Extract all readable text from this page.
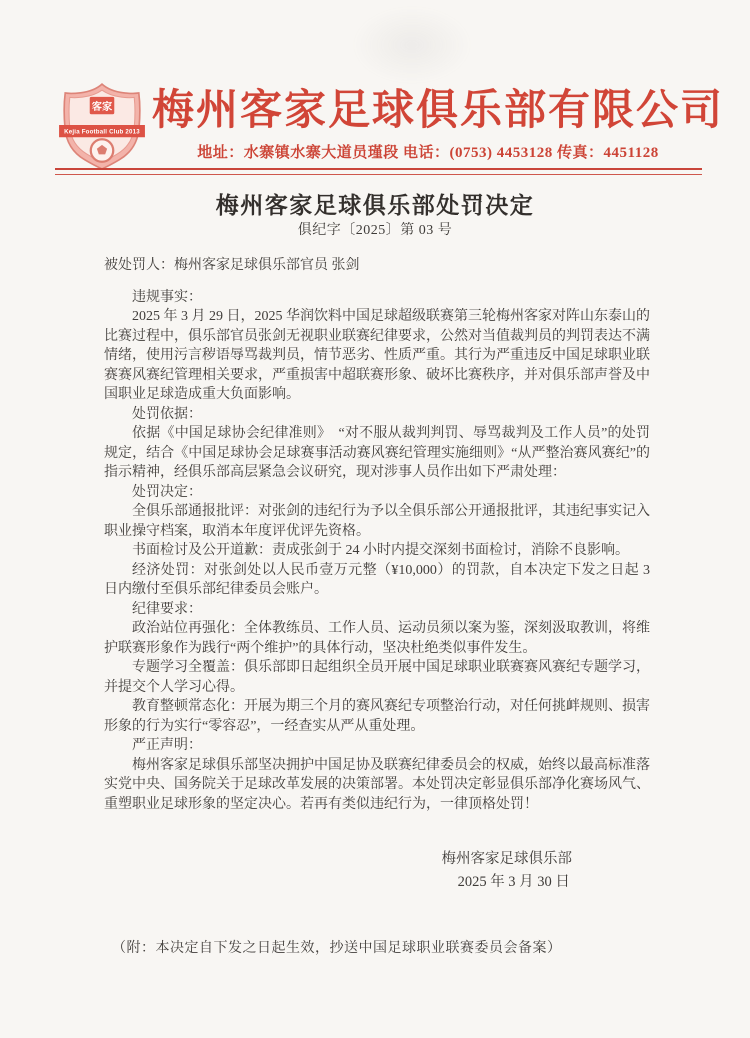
客家
Kejia Football Club 2013 梅州客家足球俱乐部有限公司
地址：水寨镇水寨大道员瑾段 电话：(0753) 4453128 传真：4451128
梅州客家足球俱乐部处罚决定
俱纪字〔2025〕第 03 号

被处罚人：梅州客家足球俱乐部官员 张剑

违规事实：

2025 年 3 月 29 日，2025 华润饮料中国足球超级联赛第三轮梅州客家对阵山东泰山的比赛过程中，俱乐部官员张剑无视职业联赛纪律要求，公然对当值裁判员的判罚表达不满情绪，使用污言秽语辱骂裁判员，情节恶劣、性质严重。其行为严重违反中国足球职业联赛赛风赛纪管理相关要求，严重损害中超联赛形象、破坏比赛秩序，并对俱乐部声誉及中国职业足球造成重大负面影响。

处罚依据：

依据《中国足球协会纪律准则》　“对不服从裁判判罚、辱骂裁判及工作人员”的处罚规定，结合《中国足球协会足球赛事活动赛风赛纪管理实施细则》“从严整治赛风赛纪”的指示精神，经俱乐部高层紧急会议研究，现对涉事人员作出如下严肃处理：

处罚决定：

全俱乐部通报批评：对张剑的违纪行为予以全俱乐部公开通报批评，其违纪事实记入职业操守档案，取消本年度评优评先资格。

书面检讨及公开道歉：责成张剑于 24 小时内提交深刻书面检讨，消除不良影响。

经济处罚：对张剑处以人民币壹万元整（¥10,000）的罚款，自本决定下发之日起 3 日内缴付至俱乐部纪律委员会账户。

纪律要求：

政治站位再强化：全体教练员、工作人员、运动员须以案为鉴，深刻汲取教训，将维护联赛形象作为践行“两个维护”的具体行动，坚决杜绝类似事件发生。

专题学习全覆盖：俱乐部即日起组织全员开展中国足球职业联赛赛风赛纪专题学习，并提交个人学习心得。

教育整顿常态化：开展为期三个月的赛风赛纪专项整治行动，对任何挑衅规则、损害形象的行为实行“零容忍”，一经查实从严从重处理。

严正声明：

梅州客家足球俱乐部坚决拥护中国足协及联赛纪律委员会的权威，始终以最高标准落实党中央、国务院关于足球改革发展的决策部署。本处罚决定彰显俱乐部净化赛场风气、重塑职业足球形象的坚定决心。若再有类似违纪行为，一律顶格处罚！

梅州客家足球俱乐部
2025 年 3 月 30 日

（附：本决定自下发之日起生效，抄送中国足球职业联赛委员会备案）
